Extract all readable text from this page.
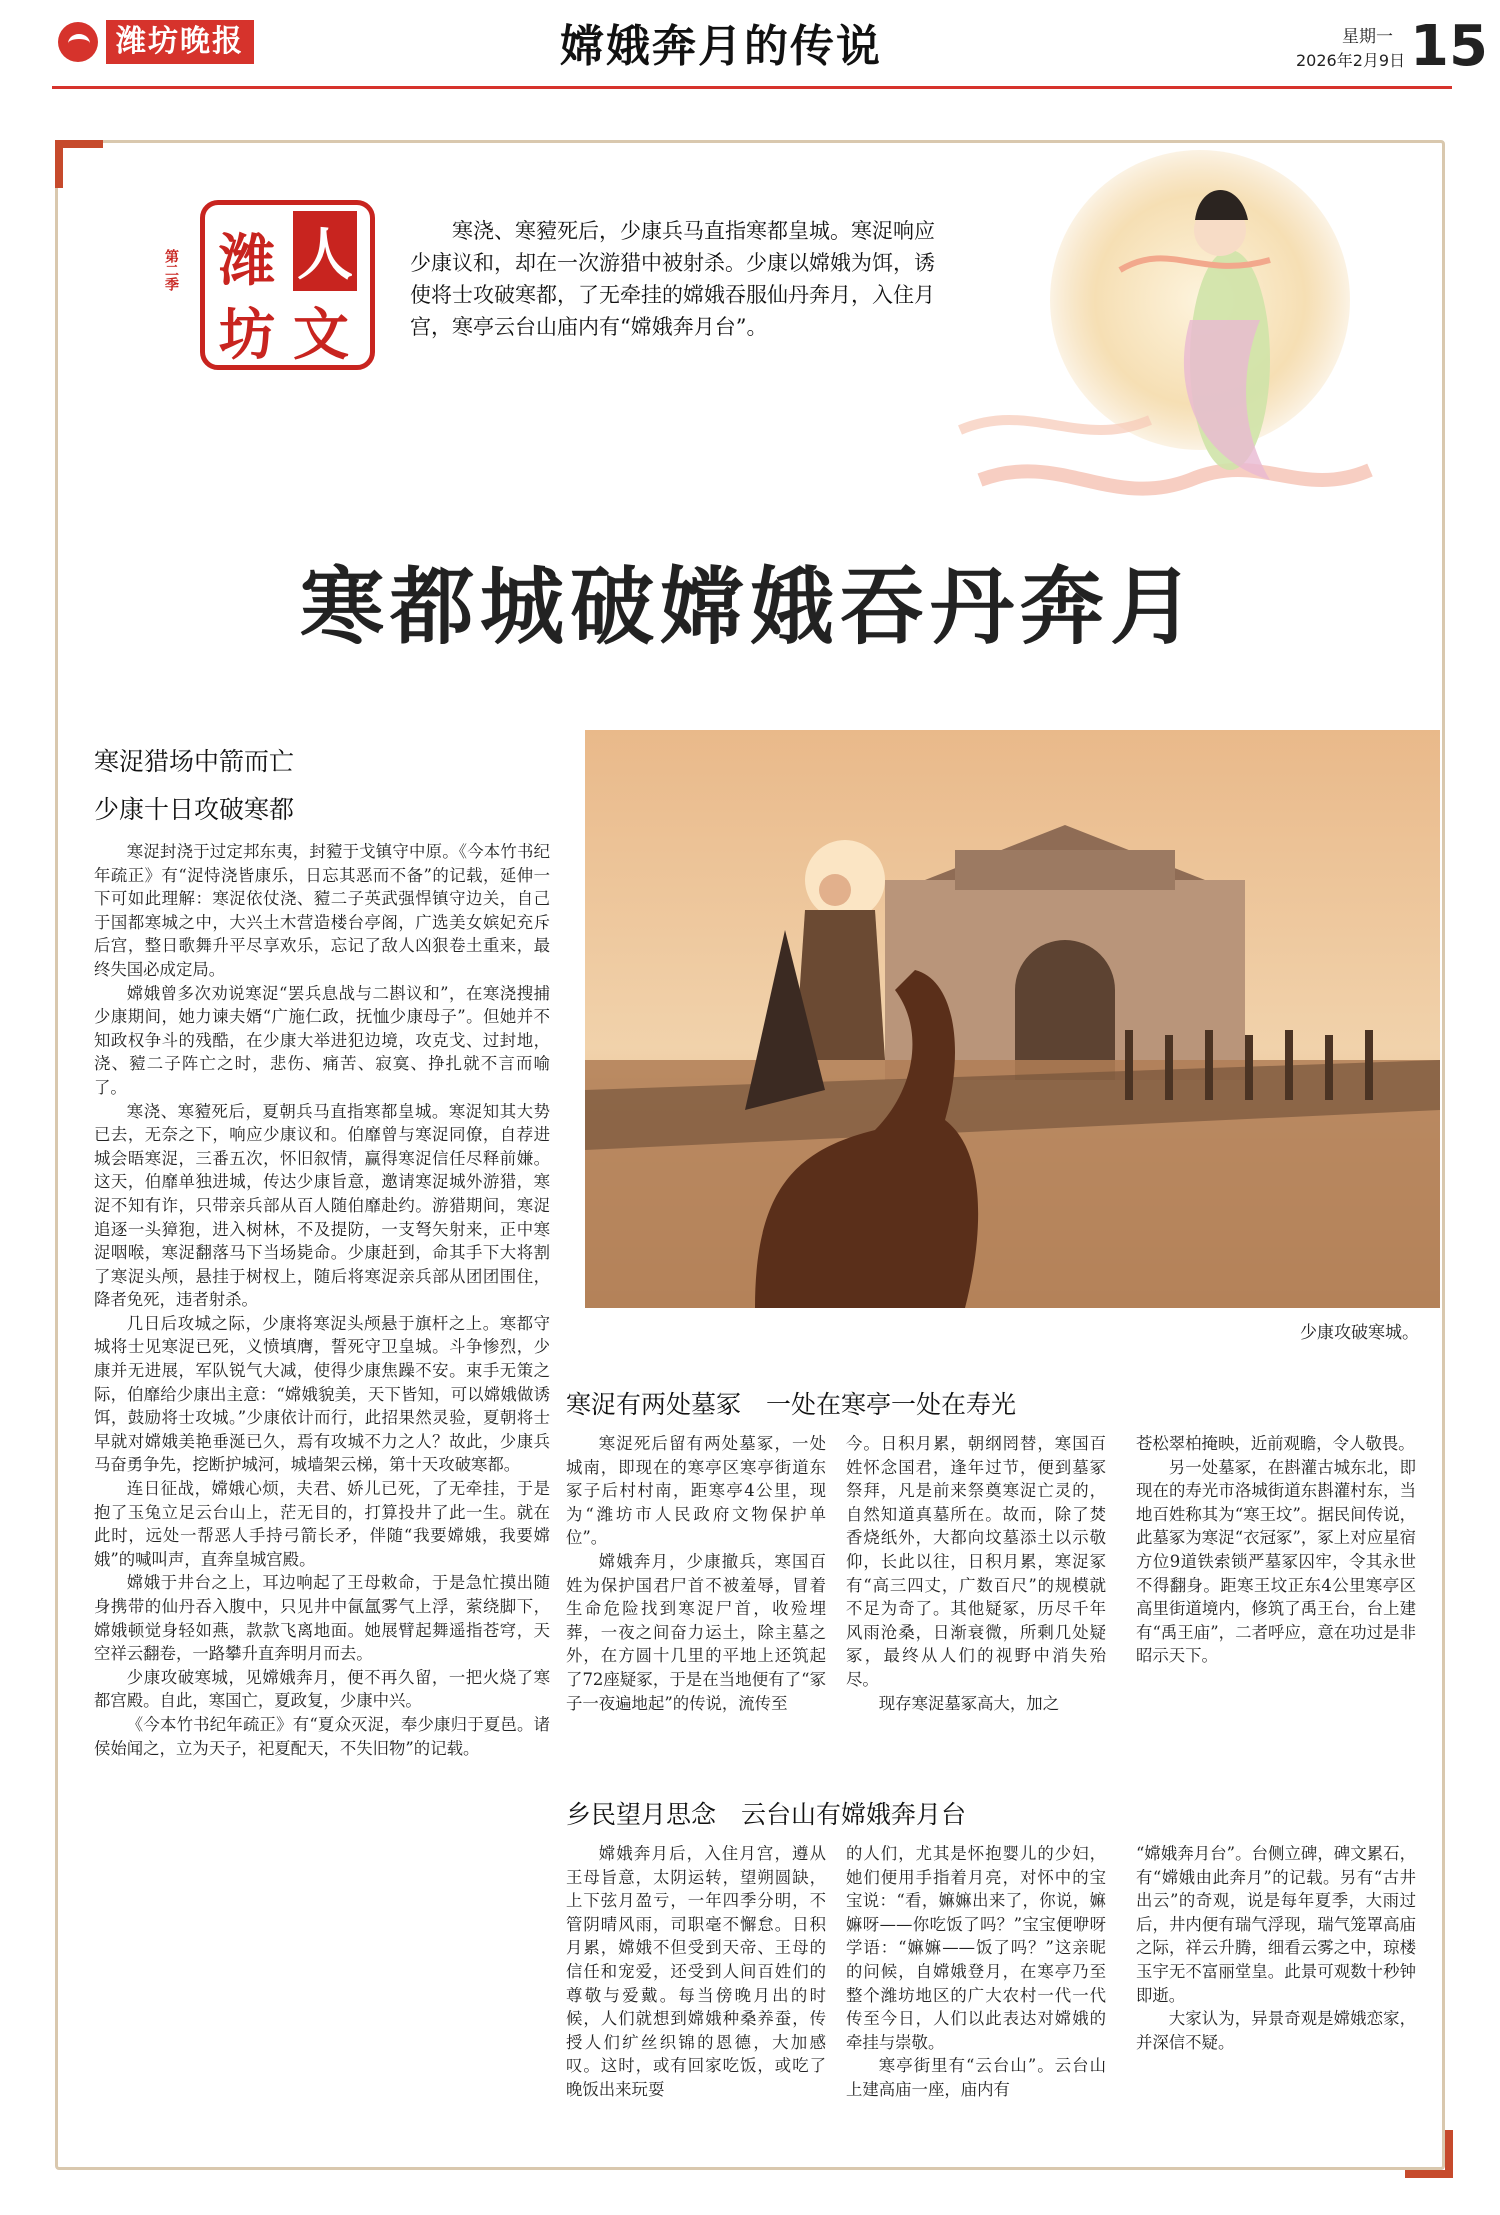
潍坊晚报	嫦娥奔月的传说	星期一
2026年2月9日 15
潍 人
坊 文
第二季

寒浇、寒豷死后，少康兵马直指寒都皇城。寒浞响应少康议和，却在一次游猎中被射杀。少康以嫦娥为饵，诱使将士攻破寒都，了无牵挂的嫦娥吞服仙丹奔月，入住月宫，寒亭云台山庙内有“嫦娥奔月台”。

寒都城破嫦娥吞丹奔月
寒浞猎场中箭而亡
少康十日攻破寒都

寒浞封浇于过定邦东夷，封豷于戈镇守中原。《今本竹书纪年疏正》有“浞恃浇皆康乐，日忘其恶而不备”的记载，延伸一下可如此理解：寒浞依仗浇、豷二子英武强悍镇守边关，自己于国都寒城之中，大兴土木营造楼台亭阁，广选美女嫔妃充斥后宫，整日歌舞升平尽享欢乐，忘记了敌人凶狠卷土重来，最终失国必成定局。

嫦娥曾多次劝说寒浞“罢兵息战与二斟议和”，在寒浇搜捕少康期间，她力谏夫婿“广施仁政，抚恤少康母子”。但她并不知政权争斗的残酷，在少康大举进犯边境，攻克戈、过封地，浇、豷二子阵亡之时，悲伤、痛苦、寂寞、挣扎就不言而喻了。

寒浇、寒豷死后，夏朝兵马直指寒都皇城。寒浞知其大势已去，无奈之下，响应少康议和。伯靡曾与寒浞同僚，自荐进城会晤寒浞，三番五次，怀旧叙情，赢得寒浞信任尽释前嫌。这天，伯靡单独进城，传达少康旨意，邀请寒浞城外游猎，寒浞不知有诈，只带亲兵部从百人随伯靡赴约。游猎期间，寒浞追逐一头獐狍，进入树林，不及提防，一支弩矢射来，正中寒浞咽喉，寒浞翻落马下当场毙命。少康赶到，命其手下大将割了寒浞头颅，悬挂于树杈上，随后将寒浞亲兵部从团团围住，降者免死，违者射杀。

几日后攻城之际，少康将寒浞头颅悬于旗杆之上。寒都守城将士见寒浞已死，义愤填膺，誓死守卫皇城。斗争惨烈，少康并无进展，军队锐气大减，使得少康焦躁不安。束手无策之际，伯靡给少康出主意：“嫦娥貌美，天下皆知，可以嫦娥做诱饵，鼓励将士攻城。”少康依计而行，此招果然灵验，夏朝将士早就对嫦娥美艳垂涎已久，焉有攻城不力之人？故此，少康兵马奋勇争先，挖断护城河，城墙架云梯，第十天攻破寒都。

连日征战，嫦娥心烦，夫君、娇儿已死，了无牵挂，于是抱了玉兔立足云台山上，茫无目的，打算投井了此一生。就在此时，远处一帮恶人手持弓箭长矛，伴随“我要嫦娥，我要嫦娥”的喊叫声，直奔皇城宫殿。

嫦娥于井台之上，耳边响起了王母敕命，于是急忙摸出随身携带的仙丹吞入腹中，只见井中氤氲雾气上浮，萦绕脚下，嫦娥顿觉身轻如燕，款款飞离地面。她展臂起舞遥指苍穹，天空祥云翻卷，一路攀升直奔明月而去。

少康攻破寒城，见嫦娥奔月，便不再久留，一把火烧了寒都宫殿。自此，寒国亡，夏政复，少康中兴。

《今本竹书纪年疏正》有“夏众灭浞，奉少康归于夏邑。诸侯始闻之，立为天子，祀夏配天，不失旧物”的记载。

少康攻破寒城。
寒浞有两处墓冢　一处在寒亭一处在寿光

寒浞死后留有两处墓冢，一处城南，即现在的寒亭区寒亭街道东冢子后村村南，距寒亭4公里，现为“潍坊市人民政府文物保护单位”。

嫦娥奔月，少康撤兵，寒国百姓为保护国君尸首不被羞辱，冒着生命危险找到寒浞尸首，收殓埋葬，一夜之间奋力运土，除主墓之外，在方圆十几里的平地上还筑起了72座疑冢，于是在当地便有了“冢子一夜遍地起”的传说，流传至

今。日积月累，朝纲罔替，寒国百姓怀念国君，逢年过节，便到墓冢祭拜，凡是前来祭奠寒浞亡灵的，自然知道真墓所在。故而，除了焚香烧纸外，大都向坟墓添土以示敬仰，长此以往，日积月累，寒浞冢有“高三四丈，广数百尺”的规模就不足为奇了。其他疑冢，历尽千年风雨沧桑，日渐衰微，所剩几处疑冢，最终从人们的视野中消失殆尽。

现存寒浞墓冢高大，加之

苍松翠柏掩映，近前观瞻，令人敬畏。

另一处墓冢，在斟灌古城东北，即现在的寿光市洛城街道东斟灌村东，当地百姓称其为“寒王坟”。据民间传说，此墓冢为寒浞“衣冠冢”，冢上对应星宿方位9道铁索锁严墓冢囚牢，令其永世不得翻身。距寒王坟正东4公里寒亭区高里街道境内，修筑了禹王台，台上建有“禹王庙”，二者呼应，意在功过是非昭示天下。

乡民望月思念　云台山有嫦娥奔月台

嫦娥奔月后，入住月宫，遵从王母旨意，太阴运转，望朔圆缺，上下弦月盈亏，一年四季分明，不管阴晴风雨，司职毫不懈怠。日积月累，嫦娥不但受到天帝、王母的信任和宠爱，还受到人间百姓们的尊敬与爱戴。每当傍晚月出的时候，人们就想到嫦娥种桑养蚕，传授人们纩丝织锦的恩德，大加感叹。这时，或有回家吃饭，或吃了晚饭出来玩耍

的人们，尤其是怀抱婴儿的少妇，她们便用手指着月亮，对怀中的宝宝说：“看，嫲嫲出来了，你说，嫲嫲呀——你吃饭了吗？”宝宝便咿呀学语：“嫲嫲——饭了吗？”这亲昵的问候，自嫦娥登月，在寒亭乃至整个潍坊地区的广大农村一代一代传至今日，人们以此表达对嫦娥的牵挂与崇敬。

寒亭街里有“云台山”。云台山上建高庙一座，庙内有

“嫦娥奔月台”。台侧立碑，碑文累石，有“嫦娥由此奔月”的记载。另有“古井出云”的奇观，说是每年夏季，大雨过后，井内便有瑞气浮现，瑞气笼罩高庙之际，祥云升腾，细看云雾之中，琼楼玉宇无不富丽堂皇。此景可观数十秒钟即逝。

大家认为，异景奇观是嫦娥恋家，并深信不疑。
